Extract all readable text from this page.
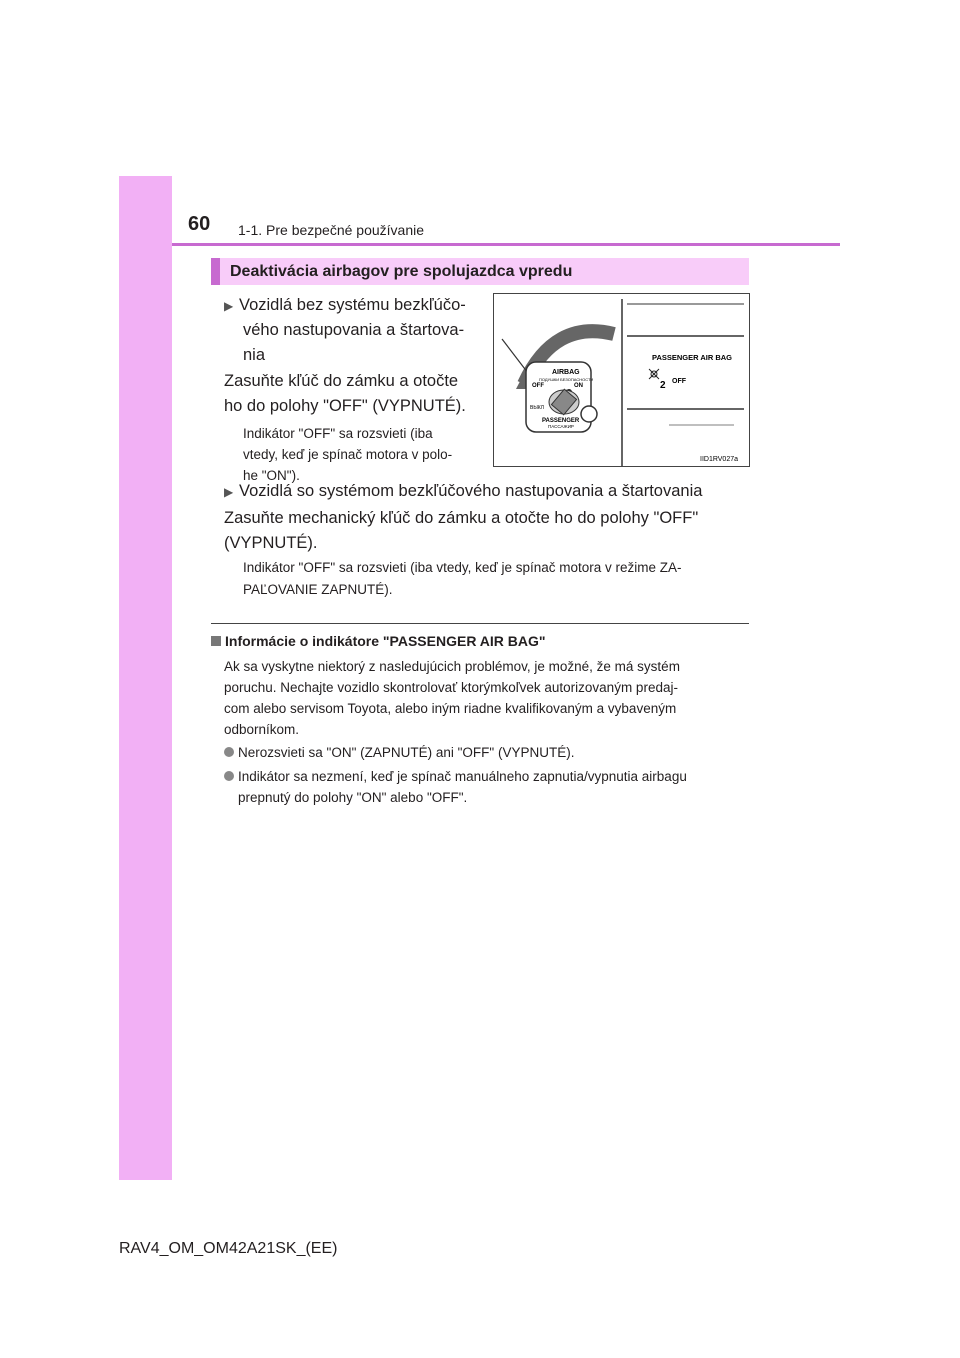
60 1-1. Pre bezpečné používanie
Deaktivácia airbagov pre spolujazdca vpredu
▶ Vozidlá bez systému bezkľúčo-
vého nastupovania a štartova-
nia
Zasuňte kľúč do zámku a otočte
ho do polohy "OFF" (VYPNUTÉ).
Indikátor "OFF" sa rozsvieti (iba
vtedy, keď je spínač motora v polo-
he "ON").
AIRBAG
ПОДУШКИ БЕЗОПАСНОСТИ
OFF	ON
ВЫКЛ
PASSENGER
ПАССАЖИР
PASSENGER AIR BAG
2 OFF
IID1RV027a
▶ Vozidlá so systémom bezkľúčového nastupovania a štartovania
Zasuňte mechanický kľúč do zámku a otočte ho do polohy "OFF"
(VYPNUTÉ).
Indikátor "OFF" sa rozsvieti (iba vtedy, keď je spínač motora v režime ZA-
PAĽOVANIE ZAPNUTÉ).
Informácie o indikátore "PASSENGER AIR BAG"
Ak sa vyskytne niektorý z nasledujúcich problémov, je možné, že má systém
poruchu. Nechajte vozidlo skontrolovať ktorýmkoľvek autorizovaným predaj-
com alebo servisom Toyota, alebo iným riadne kvalifikovaným a vybaveným
odborníkom.
Nerozsvieti sa "ON" (ZAPNUTÉ) ani "OFF" (VYPNUTÉ).
Indikátor sa nezmení, keď je spínač manuálneho zapnutia/vypnutia airbagu
prepnutý do polohy "ON" alebo "OFF".
RAV4_OM_OM42A21SK_(EE)
